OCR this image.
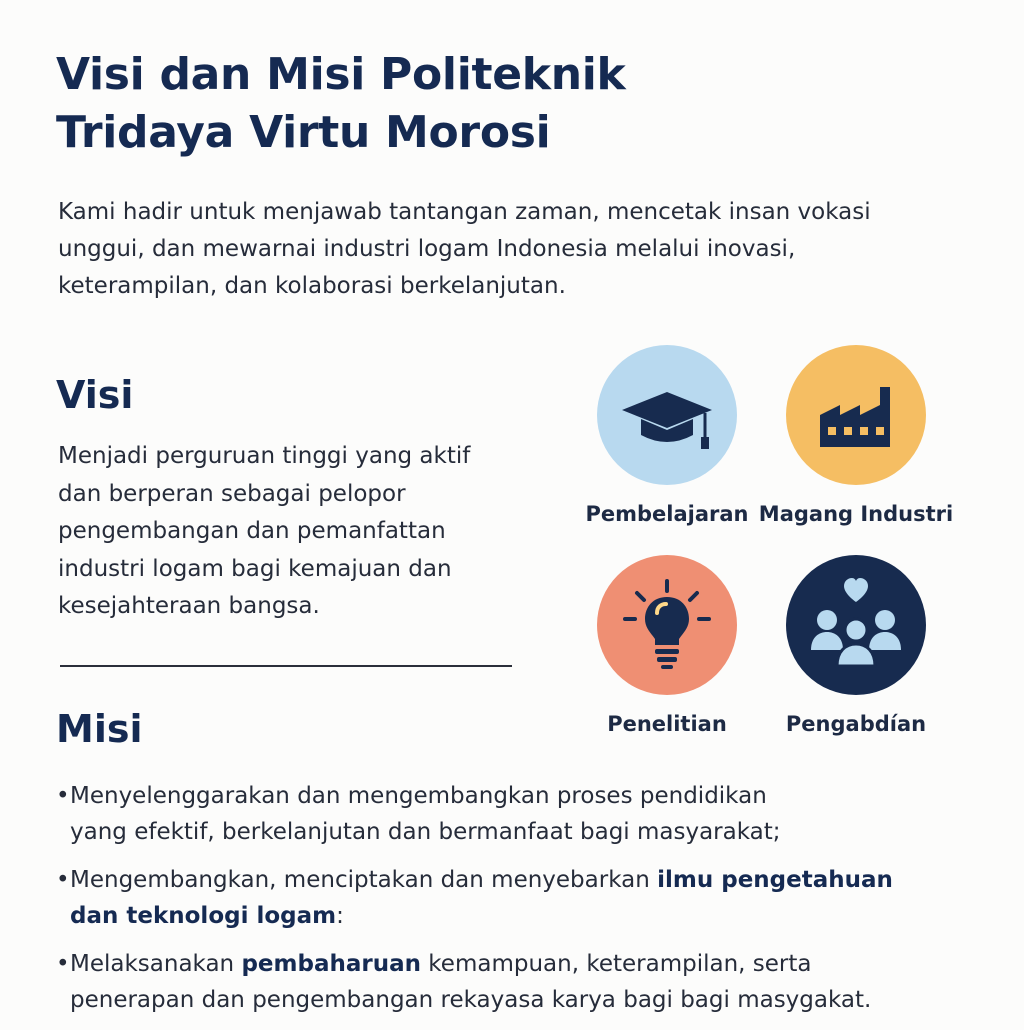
Visi dan Misi Politeknik
Tridaya Virtu Morosi

Kami hadir untuk menjawab tantangan zaman, mencetak insan vokasi
unggui, dan mewarnai industri logam Indonesia melalui inovasi,
keterampilan, dan kolaborasi berkelanjutan.

Visi

Menjadi perguruan tinggi yang aktif
dan berperan sebagai pelopor
pengembangan dan pemanfattan
industri logam bagi kemajuan dan
kesejahteraan bangsa.

Pembelajaran Magang Industri
Penelitian	Pengabdían
Misi
• Menyelenggarakan dan mengembangkan proses pendidikan
yang efektif, berkelanjutan dan bermanfaat bagi masyarakat;
• Mengembangkan, menciptakan dan menyebarkan ilmu pengetahuan
dan teknologi logam:
• Melaksanakan pembaharuan kemampuan, keterampilan, serta
penerapan dan pengembangan rekayasa karya bagi bagi masygakat.
